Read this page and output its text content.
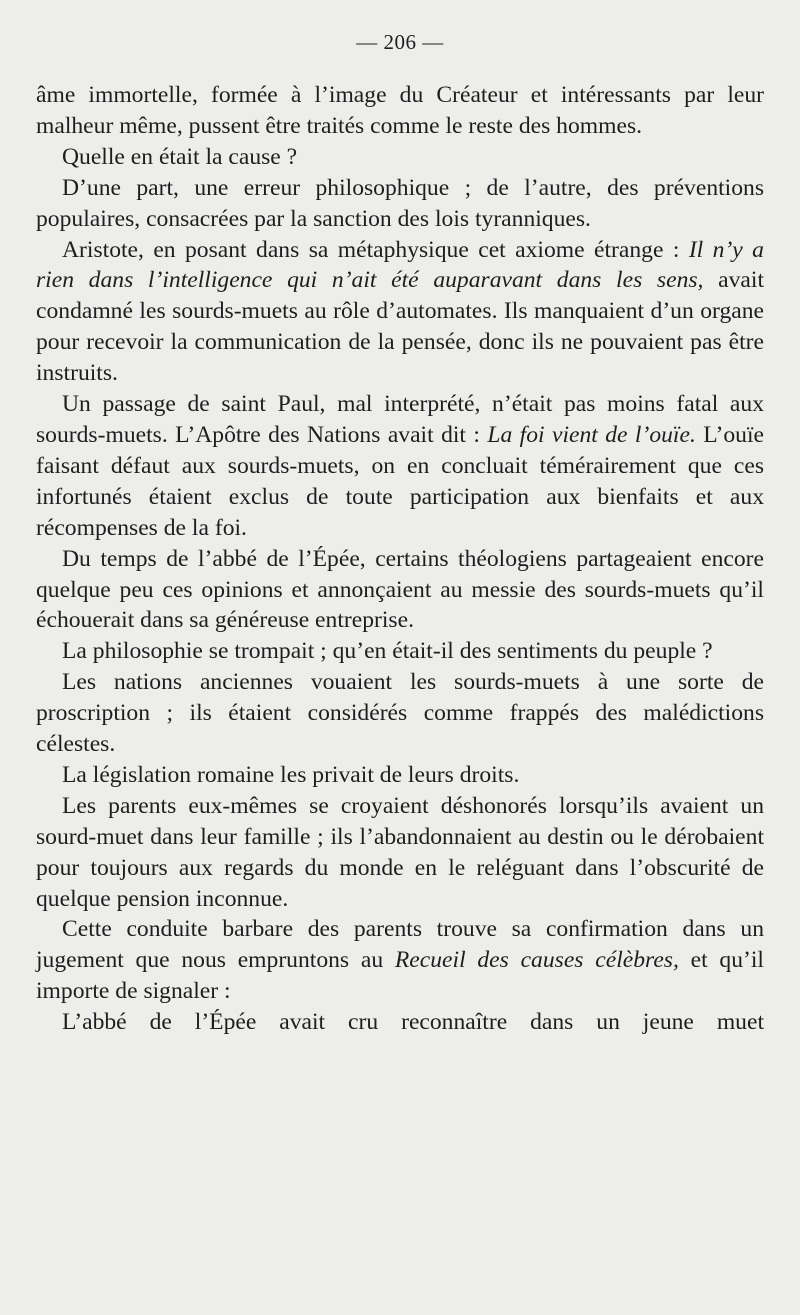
— 206 —

âme immortelle, formée à l’image du Créateur et intéressants par leur malheur même, pussent être traités comme le reste des hommes.

Quelle en était la cause ?

D’une part, une erreur philosophique ; de l’autre, des préventions populaires, consacrées par la sanction des lois tyranniques.

Aristote, en posant dans sa métaphysique cet axiome étrange : Il n’y a rien dans l’intelligence qui n’ait été auparavant dans les sens, avait condamné les sourds-muets au rôle d’automates. Ils manquaient d’un organe pour recevoir la communication de la pensée, donc ils ne pouvaient pas être instruits.

Un passage de saint Paul, mal interprété, n’était pas moins fatal aux sourds-muets. L’Apôtre des Nations avait dit : La foi vient de l’ouïe. L’ouïe faisant défaut aux sourds-muets, on en concluait témérairement que ces infortunés étaient exclus de toute participation aux bienfaits et aux récompenses de la foi.

Du temps de l’abbé de l’Épée, certains théologiens partageaient encore quelque peu ces opinions et annonçaient au messie des sourds-muets qu’il échouerait dans sa généreuse entreprise.

La philosophie se trompait ; qu’en était-il des sentiments du peuple ?

Les nations anciennes vouaient les sourds-muets à une sorte de proscription ; ils étaient considérés comme frappés des malédictions célestes.

La législation romaine les privait de leurs droits.

Les parents eux-mêmes se croyaient déshonorés lorsqu’ils avaient un sourd-muet dans leur famille ; ils l’abandonnaient au destin ou le dérobaient pour toujours aux regards du monde en le reléguant dans l’obscurité de quelque pension inconnue.

Cette conduite barbare des parents trouve sa confirmation dans un jugement que nous empruntons au Recueil des causes célèbres, et qu’il importe de signaler :

L’abbé de l’Épée avait cru reconnaître dans un jeune muet
